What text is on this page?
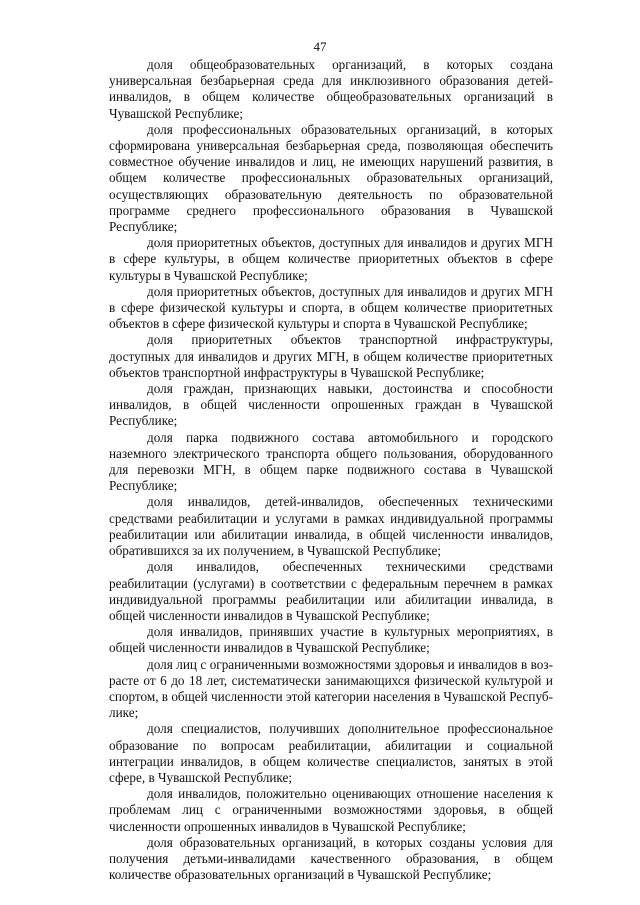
47

доля общеобразовательных организаций, в которых создана универсальная безбарьерная среда для инклюзивного образования детей-инвалидов, в общем количестве общеобразовательных организаций в Чувашской Республике;

доля профессиональных образовательных организаций, в которых сформирована универсальная безбарьерная среда, позволяющая обеспечить совместное обучение инвалидов и лиц, не имеющих нарушений развития, в общем количестве профессиональных образовательных организаций, осуществляющих образовательную деятельность по образовательной программе среднего профессионального образования в Чувашской Республике;

доля приоритетных объектов, доступных для инвалидов и других МГН в сфере культуры, в общем количестве приоритетных объектов в сфере культуры в Чувашской Республике;

доля приоритетных объектов, доступных для инвалидов и других МГН в сфере физической культуры и спорта, в общем количестве приоритетных объектов в сфере физической культуры и спорта в Чувашской Республике;

доля приоритетных объектов транспортной инфраструктуры, доступных для инвалидов и других МГН, в общем количестве приоритетных объектов транспортной инфраструктуры в Чувашской Республике;

доля граждан, признающих навыки, достоинства и способности инвалидов, в общей численности опрошенных граждан в Чувашской Республике;

доля парка подвижного состава автомобильного и городского наземного электрического транспорта общего пользования, оборудованного для перевозки МГН, в общем парке подвижного состава в Чувашской Республике;

доля инвалидов, детей-инвалидов, обеспеченных техническими средствами реабилитации и услугами в рамках индивидуальной программы реабилитации или абилитации инвалида, в общей численности инвалидов, обратившихся за их получением, в Чувашской Республике;

доля инвалидов, обеспеченных техническими средствами реабилитации (услугами) в соответствии с федеральным перечнем в рамках индивидуальной программы реабилитации или абилитации инвалида, в общей численности инвалидов в Чувашской Республике;

доля инвалидов, принявших участие в культурных мероприятиях, в общей численности инвалидов в Чувашской Республике;

доля лиц с ограниченными возможностями здоровья и инвалидов в возрасте от 6 до 18 лет, систематически занимающихся физической культурой и спортом, в общей численности этой категории населения в Чувашской Республике;

доля специалистов, получивших дополнительное профессиональное образование по вопросам реабилитации, абилитации и социальной интеграции инвалидов, в общем количестве специалистов, занятых в этой сфере, в Чувашской Республике;

доля инвалидов, положительно оценивающих отношение населения к проблемам лиц с ограниченными возможностями здоровья, в общей численности опрошенных инвалидов в Чувашской Республике;

доля образовательных организаций, в которых созданы условия для получения детьми-инвалидами качественного образования, в общем количестве образовательных организаций в Чувашской Республике;
